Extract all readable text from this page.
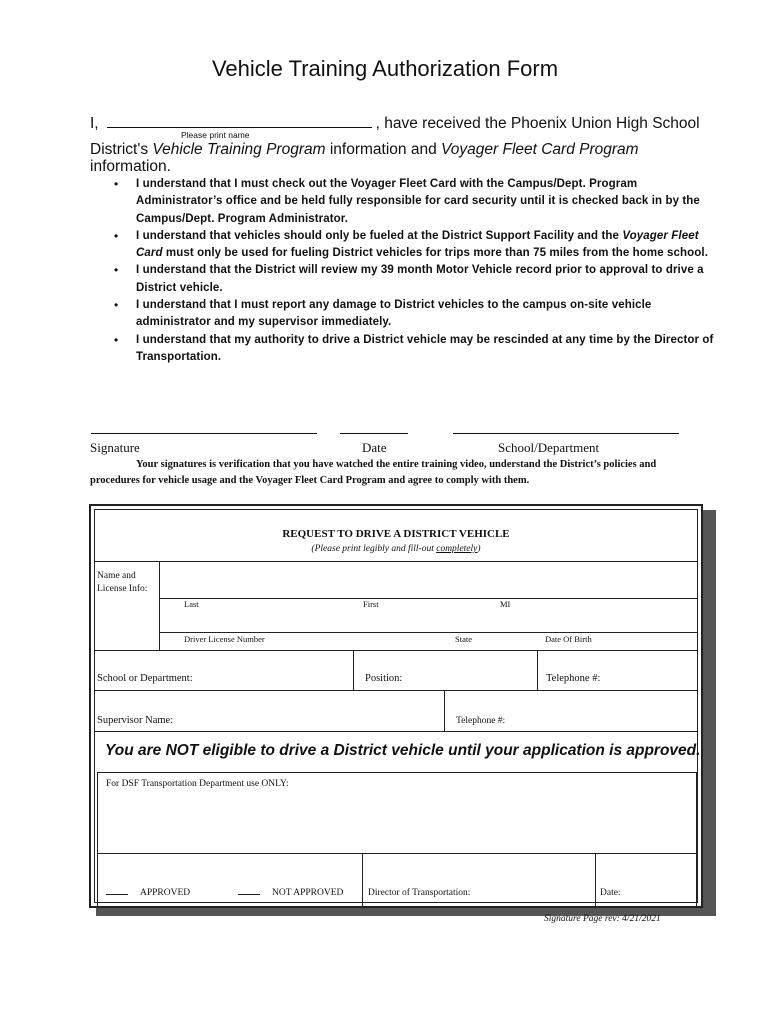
Vehicle Training Authorization Form
I,	, have received the Phoenix Union High School
Please print name
District's Vehicle Training Program information and Voyager Fleet Card Program
information.
• I understand that I must check out the Voyager Fleet Card with the Campus/Dept. Program Administrator’s office and be held fully responsible for card security until it is checked back in by the Campus/Dept. Program Administrator.
• I understand that vehicles should only be fueled at the District Support Facility and the Voyager Fleet Card must only be used for fueling District vehicles for trips more than 75 miles from the home school.
• I understand that the District will review my 39 month Motor Vehicle record prior to approval to drive a District vehicle.
• I understand that I must report any damage to District vehicles to the campus on-site vehicle administrator and my supervisor immediately.
• I understand that my authority to drive a District vehicle may be rescinded at any time by the Director of Transportation.
Signature	Date	School/Department
Your signatures is verification that you have watched the entire training video, understand the District’s policies and procedures for vehicle usage and the Voyager Fleet Card Program and agree to comply with them.
REQUEST TO DRIVE A DISTRICT VEHICLE
(Please print legibly and fill-out completely)
Name and
License Info:
Last	First	MI
Driver License Number	State	Date Of Birth
School or Department:	Position:	Telephone #:
Supervisor Name:	Telephone #:
You are NOT eligible to drive a District vehicle until your application is approved.
For DSF Transportation Department use ONLY:
APPROVED	NOT APPROVED	Director of Transportation:	Date:
Signature Page rev: 4/21/2021
